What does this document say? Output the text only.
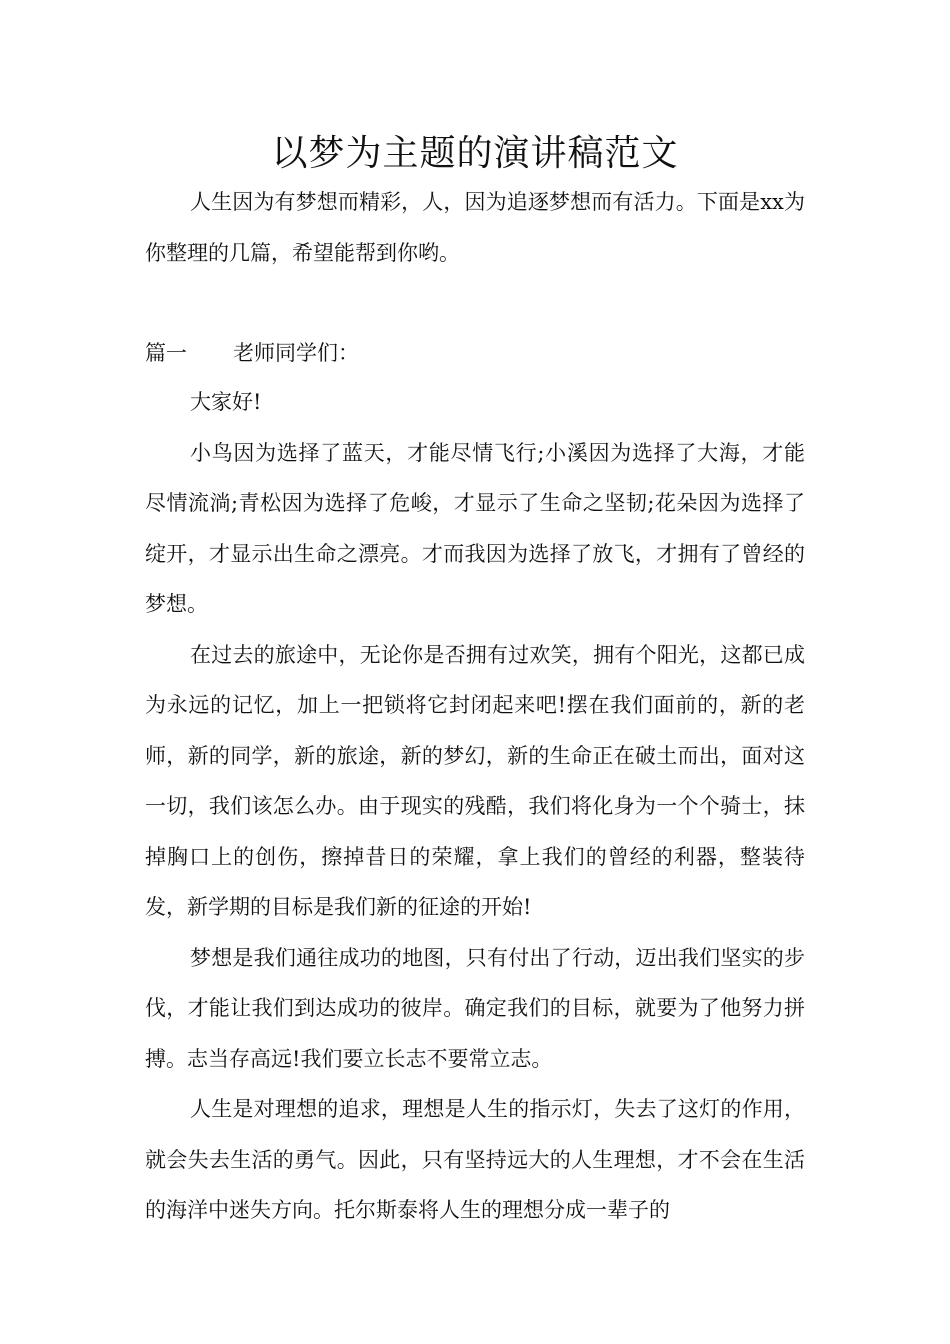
以梦为主题的演讲稿范文

人生因为有梦想而精彩，人，因为追逐梦想而有活力。下面是xx为你整理的几篇，希望能帮到你哟。

篇一 老师同学们：

大家好!

小鸟因为选择了蓝天，才能尽情飞行;小溪因为选择了大海，才能尽情流淌;青松因为选择了危峻，才显示了生命之坚韧;花朵因为选择了绽开，才显示出生命之漂亮。才而我因为选择了放飞，才拥有了曾经的梦想。

在过去的旅途中，无论你是否拥有过欢笑，拥有个阳光，这都已成为永远的记忆，加上一把锁将它封闭起来吧!摆在我们面前的，新的老师，新的同学，新的旅途，新的梦幻，新的生命正在破土而出，面对这一切，我们该怎么办。由于现实的残酷，我们将化身为一个个骑士，抹掉胸口上的创伤，擦掉昔日的荣耀，拿上我们的曾经的利器，整装待发，新学期的目标是我们新的征途的开始!

梦想是我们通往成功的地图，只有付出了行动，迈出我们坚实的步伐，才能让我们到达成功的彼岸。确定我们的目标，就要为了他努力拼搏。志当存高远!我们要立长志不要常立志。

人生是对理想的追求，理想是人生的指示灯，失去了这灯的作用，就会失去生活的勇气。因此，只有坚持远大的人生理想，才不会在生活的海洋中迷失方向。托尔斯泰将人生的理想分成一辈子的
